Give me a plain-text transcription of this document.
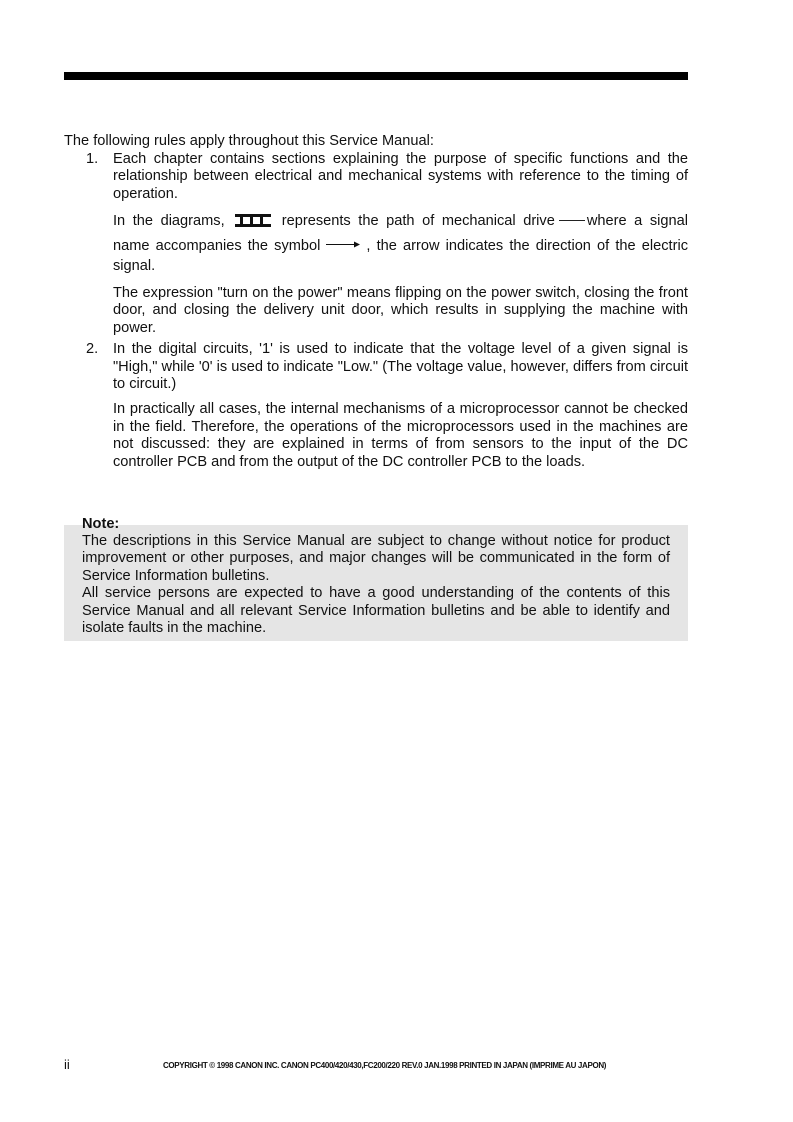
The following rules apply throughout this Service Manual:
1. Each chapter contains sections explaining the purpose of specific functions and the relationship between electrical and mechanical systems with reference to the timing of operation.

In the diagrams,	represents the path of mechanical drive where a signal name accompanies the symbol	, the arrow indicates the direction of the electric signal.

The expression "turn on the power" means flipping on the power switch, closing the front door, and closing the delivery unit door, which results in supplying the machine with power.

2. In the digital circuits, '1' is used to indicate that the voltage level of a given signal is "High," while '0' is used to indicate "Low." (The voltage value, however, differs from circuit to circuit.)

In practically all cases, the internal mechanisms of a microprocessor cannot be checked in the field. Therefore, the operations of the microprocessors used in the machines are not discussed: they are explained in terms of from sensors to the input of the DC controller PCB and from the output of the DC controller PCB to the loads.

Note:

The descriptions in this Service Manual are subject to change without notice for product improvement or other purposes, and major changes will be communicated in the form of Service Information bulletins.

All service persons are expected to have a good understanding of the contents of this Service Manual and all relevant Service Information bulletins and be able to identify and isolate faults in the machine.

ii	COPYRIGHT © 1998 CANON INC. CANON PC400/420/430,FC200/220 REV.0 JAN.1998 PRINTED IN JAPAN (IMPRIME AU JAPON)
